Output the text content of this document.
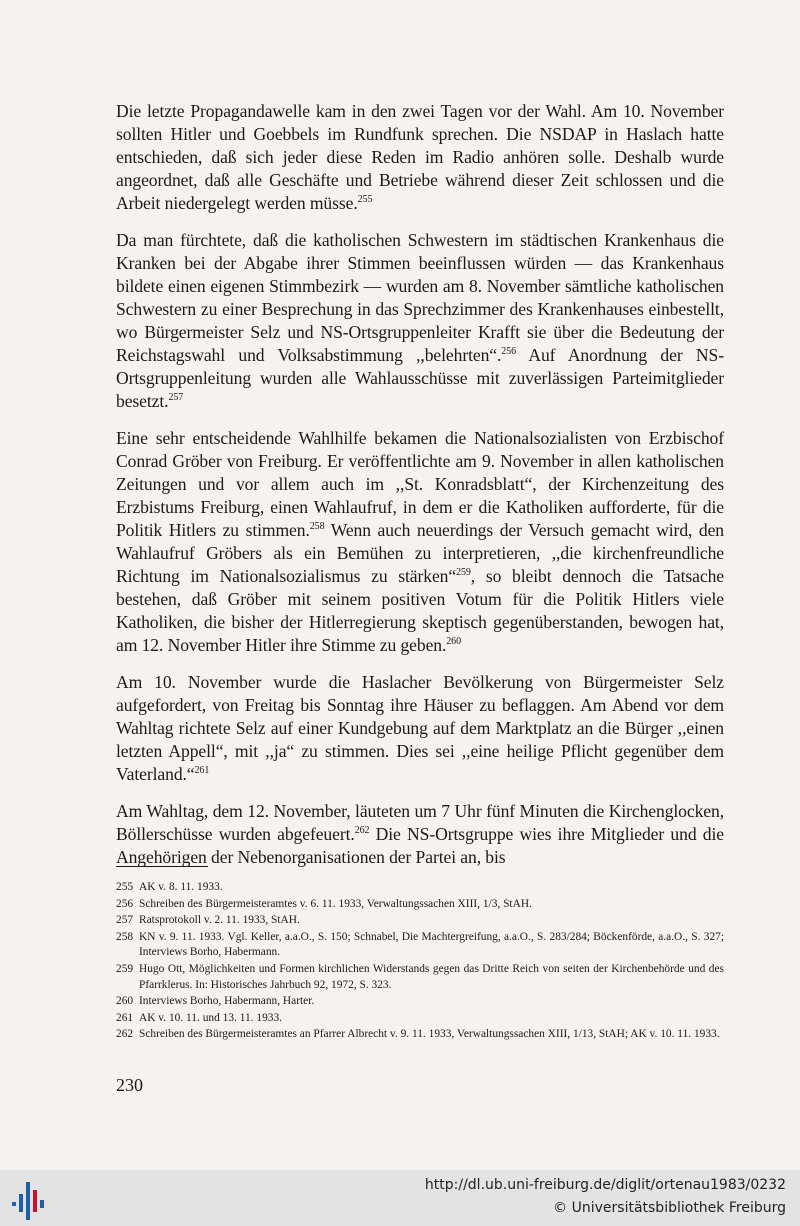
Die letzte Propagandawelle kam in den zwei Tagen vor der Wahl. Am 10. November sollten Hitler und Goebbels im Rundfunk sprechen. Die NSDAP in Haslach hatte entschieden, daß sich jeder diese Reden im Radio anhören solle. Deshalb wurde angeordnet, daß alle Geschäfte und Betriebe während dieser Zeit schlossen und die Arbeit niedergelegt werden müsse.$^{255}$

Da man fürchtete, daß die katholischen Schwestern im städtischen Krankenhaus die Kranken bei der Abgabe ihrer Stimmen beeinflussen würden — das Krankenhaus bildete einen eigenen Stimmbezirk — wurden am 8. November sämtliche katholischen Schwestern zu einer Besprechung in das Sprechzimmer des Krankenhauses einbestellt, wo Bürgermeister Selz und NS-Ortsgruppenleiter Krafft sie über die Bedeutung der Reichstagswahl und Volksabstimmung ,,belehrten“.$^{256}$ Auf Anordnung der NS-Ortsgruppenleitung wurden alle Wahlausschüsse mit zuverlässigen Parteimitglieder besetzt.$^{257}$

Eine sehr entscheidende Wahlhilfe bekamen die Nationalsozialisten von Erzbischof Conrad Gröber von Freiburg. Er veröffentlichte am 9. November in allen katholischen Zeitungen und vor allem auch im ,,St. Konradsblatt“, der Kirchenzeitung des Erzbistums Freiburg, einen Wahlaufruf, in dem er die Katholiken aufforderte, für die Politik Hitlers zu stimmen.$^{258}$ Wenn auch neuerdings der Versuch gemacht wird, den Wahlaufruf Gröbers als ein Bemühen zu interpretieren, ,,die kirchenfreundliche Richtung im Nationalsozialismus zu stärken“$^{259}$, so bleibt dennoch die Tatsache bestehen, daß Gröber mit seinem positiven Votum für die Politik Hitlers viele Katholiken, die bisher der Hitlerregierung skeptisch gegenüberstanden, bewogen hat, am 12. November Hitler ihre Stimme zu geben.$^{260}$

Am 10. November wurde die Haslacher Bevölkerung von Bürgermeister Selz aufgefordert, von Freitag bis Sonntag ihre Häuser zu beflaggen. Am Abend vor dem Wahltag richtete Selz auf einer Kundgebung auf dem Marktplatz an die Bürger ,,einen letzten Appell“, mit ,,ja“ zu stimmen. Dies sei ,,eine heilige Pflicht gegenüber dem Vaterland.“$^{261}$

Am Wahltag, dem 12. November, läuteten um 7 Uhr fünf Minuten die Kirchenglocken, Böllerschüsse wurden abgefeuert.$^{262}$ Die NS-Ortsgruppe wies ihre Mitglieder und die Angehörigen der Nebenorganisationen der Partei an, bis

255 AK v. 8. 11. 1933.
256 Schreiben des Bürgermeisteramtes v. 6. 11. 1933, Verwaltungssachen XIII, 1/3, StAH.
257 Ratsprotokoll v. 2. 11. 1933, StAH.
258 KN v. 9. 11. 1933. Vgl. Keller, a.a.O., S. 150; Schnabel, Die Machtergreifung, a.a.O., S. 283/284; Böckenförde, a.a.O., S. 327; Interviews Borho, Habermann.
259 Hugo Ott, Möglichkeiten und Formen kirchlichen Widerstands gegen das Dritte Reich von seiten der Kirchenbehörde und des Pfarrklerus. In: Historisches Jahrbuch 92, 1972, S. 323.
260 Interviews Borho, Habermann, Harter.
261 AK v. 10. 11. und 13. 11. 1933.
262 Schreiben des Bürgermeisteramtes an Pfarrer Albrecht v. 9. 11. 1933, Verwaltungssachen XIII, 1/13, StAH; AK v. 10. 11. 1933.
230
http://dl.ub.uni-freiburg.de/diglit/ortenau1983/0232
© Universitätsbibliothek Freiburg
